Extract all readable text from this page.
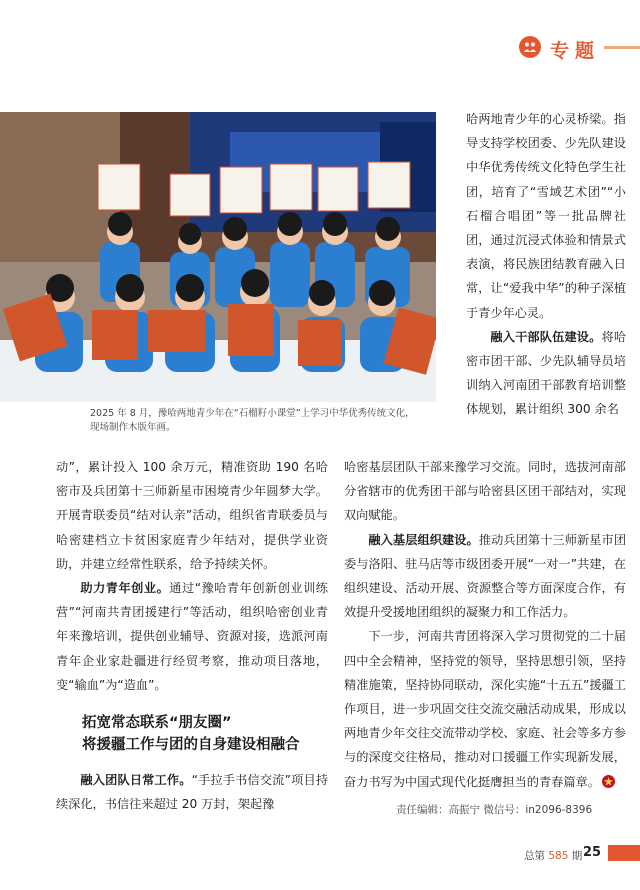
专题
2025 年 8 月，豫哈两地青少年在“石榴籽小课堂”上学习中华优秀传统文化，现场制作木版年画。

哈两地青少年的心灵桥梁。指导支持学校团委、少先队建设中华优秀传统文化特色学生社团，培育了“雪域艺术团”“小石榴合唱团”等一批品牌社团，通过沉浸式体验和情景式表演，将民族团结教育融入日常，让“爱我中华”的种子深植于青少年心灵。

融入干部队伍建设。将哈密市团干部、少先队辅导员培训纳入河南团干部教育培训整体规划，累计组织 300 余名

动”，累计投入 100 余万元，精准资助 190 名哈密市及兵团第十三师新星市困境青少年圆梦大学。开展青联委员“结对认亲”活动，组织省青联委员与哈密建档立卡贫困家庭青少年结对，提供学业资助，并建立经常性联系，给予持续关怀。

助力青年创业。通过“豫哈青年创新创业训练营”“河南共青团援建行”等活动，组织哈密创业青年来豫培训，提供创业辅导、资源对接，选派河南青年企业家赴疆进行经贸考察，推动项目落地，变“输血”为“造血”。

拓宽常态联系“朋友圈”
将援疆工作与团的自身建设相融合

融入团队日常工作。“手拉手书信交流”项目持续深化，书信往来超过 20 万封，架起豫

哈密基层团队干部来豫学习交流。同时，选拔河南部分省辖市的优秀团干部与哈密县区团干部结对，实现双向赋能。

融入基层组织建设。推动兵团第十三师新星市团委与洛阳、驻马店等市级团委开展“一对一”共建，在组织建设、活动开展、资源整合等方面深度合作，有效提升受援地团组织的凝聚力和工作活力。

下一步，河南共青团将深入学习贯彻党的二十届四中全会精神，坚持党的领导，坚持思想引领，坚持精准施策，坚持协同联动，深化实施“十五五”援疆工作项目，进一步巩固交往交流交融活动成果，形成以两地青少年交往交流带动学校、家庭、社会等多方参与的深度交往格局，推动对口援疆工作实现新发展，奋力书写为中国式现代化挺膺担当的青春篇章。

责任编辑：高振宁 微信号：in2096-8396
总第 585 期 25
